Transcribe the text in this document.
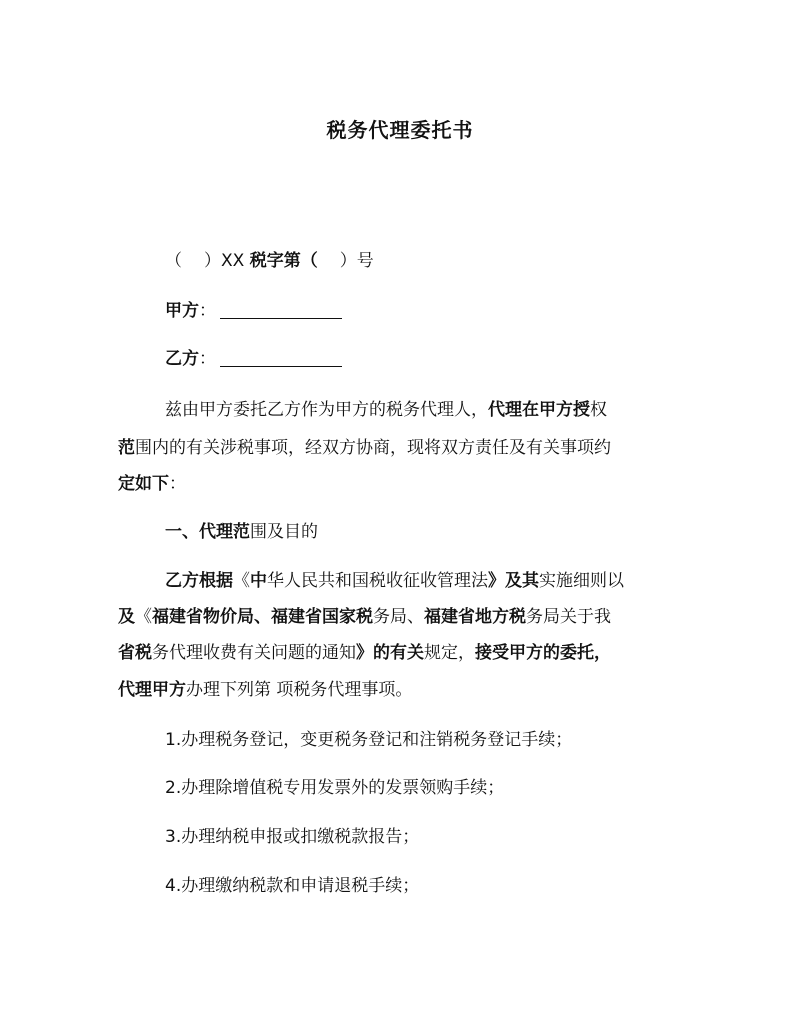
税务代理委托书
（ ）XX 税字第（ ）号
甲方：
乙方：
兹由甲方委托乙方作为甲方的税务代理人，代理在甲方授权
范围内的有关涉税事项，经双方协商，现将双方责任及有关事项约
定如下：
一、代理范围及目的
乙方根据《中华人民共和国税收征收管理法》及其实施细则以
及《福建省物价局、福建省国家税务局、福建省地方税务局关于我
省税务代理收费有关问题的通知》的有关规定，接受甲方的委托，
代理甲方办理下列第 项税务代理事项。
1.办理税务登记，变更税务登记和注销税务登记手续；
2.办理除增值税专用发票外的发票领购手续；
3.办理纳税申报或扣缴税款报告；
4.办理缴纳税款和申请退税手续；
